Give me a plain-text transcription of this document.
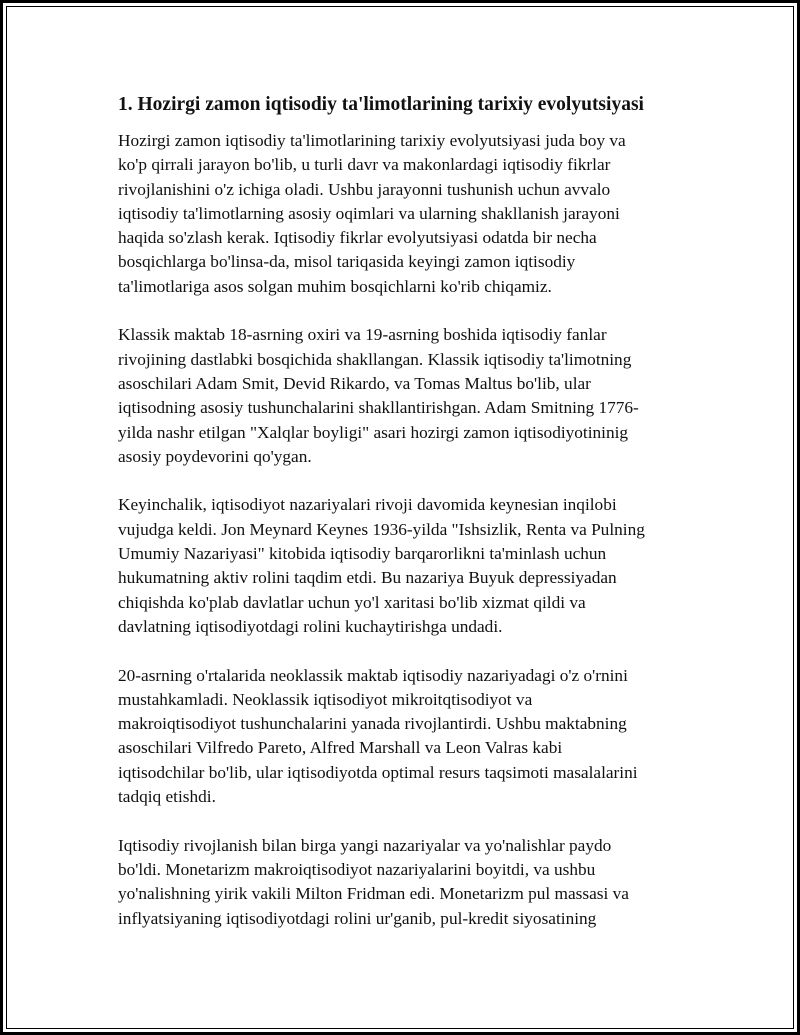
1. Hozirgi zamon iqtisodiy ta'limotlarining tarixiy evolyutsiyasi

Hozirgi zamon iqtisodiy ta'limotlarining tarixiy evolyutsiyasi juda boy va
ko'p qirrali jarayon bo'lib, u turli davr va makonlardagi iqtisodiy fikrlar
rivojlanishini o'z ichiga oladi. Ushbu jarayonni tushunish uchun avvalo
iqtisodiy ta'limotlarning asosiy oqimlari va ularning shakllanish jarayoni
haqida so'zlash kerak. Iqtisodiy fikrlar evolyutsiyasi odatda bir necha
bosqichlarga bo'linsa-da, misol tariqasida keyingi zamon iqtisodiy
ta'limotlariga asos solgan muhim bosqichlarni ko'rib chiqamiz.

Klassik maktab 18-asrning oxiri va 19-asrning boshida iqtisodiy fanlar
rivojining dastlabki bosqichida shakllangan. Klassik iqtisodiy ta'limotning
asoschilari Adam Smit, Devid Rikardo, va Tomas Maltus bo'lib, ular
iqtisodning asosiy tushunchalarini shakllantirishgan. Adam Smitning 1776-
yilda nashr etilgan "Xalqlar boyligi" asari hozirgi zamon iqtisodiyotininig
asosiy poydevorini qo'ygan.

Keyinchalik, iqtisodiyot nazariyalari rivoji davomida keynesian inqilobi
vujudga keldi. Jon Meynard Keynes 1936-yilda "Ishsizlik, Renta va Pulning
Umumiy Nazariyasi" kitobida iqtisodiy barqarorlikni ta'minlash uchun
hukumatning aktiv rolini taqdim etdi. Bu nazariya Buyuk depressiyadan
chiqishda ko'plab davlatlar uchun yo'l xaritasi bo'lib xizmat qildi va
davlatning iqtisodiyotdagi rolini kuchaytirishga undadi.

20-asrning o'rtalarida neoklassik maktab iqtisodiy nazariyadagi o'z o'rnini
mustahkamladi. Neoklassik iqtisodiyot mikroitqtisodiyot va
makroiqtisodiyot tushunchalarini yanada rivojlantirdi. Ushbu maktabning
asoschilari Vilfredo Pareto, Alfred Marshall va Leon Valras kabi
iqtisodchilar bo'lib, ular iqtisodiyotda optimal resurs taqsimoti masalalarini
tadqiq etishdi.

Iqtisodiy rivojlanish bilan birga yangi nazariyalar va yo'nalishlar paydo
bo'ldi. Monetarizm makroiqtisodiyot nazariyalarini boyitdi, va ushbu
yo'nalishning yirik vakili Milton Fridman edi. Monetarizm pul massasi va
inflyatsiyaning iqtisodiyotdagi rolini ur'ganib, pul-kredit siyosatining
